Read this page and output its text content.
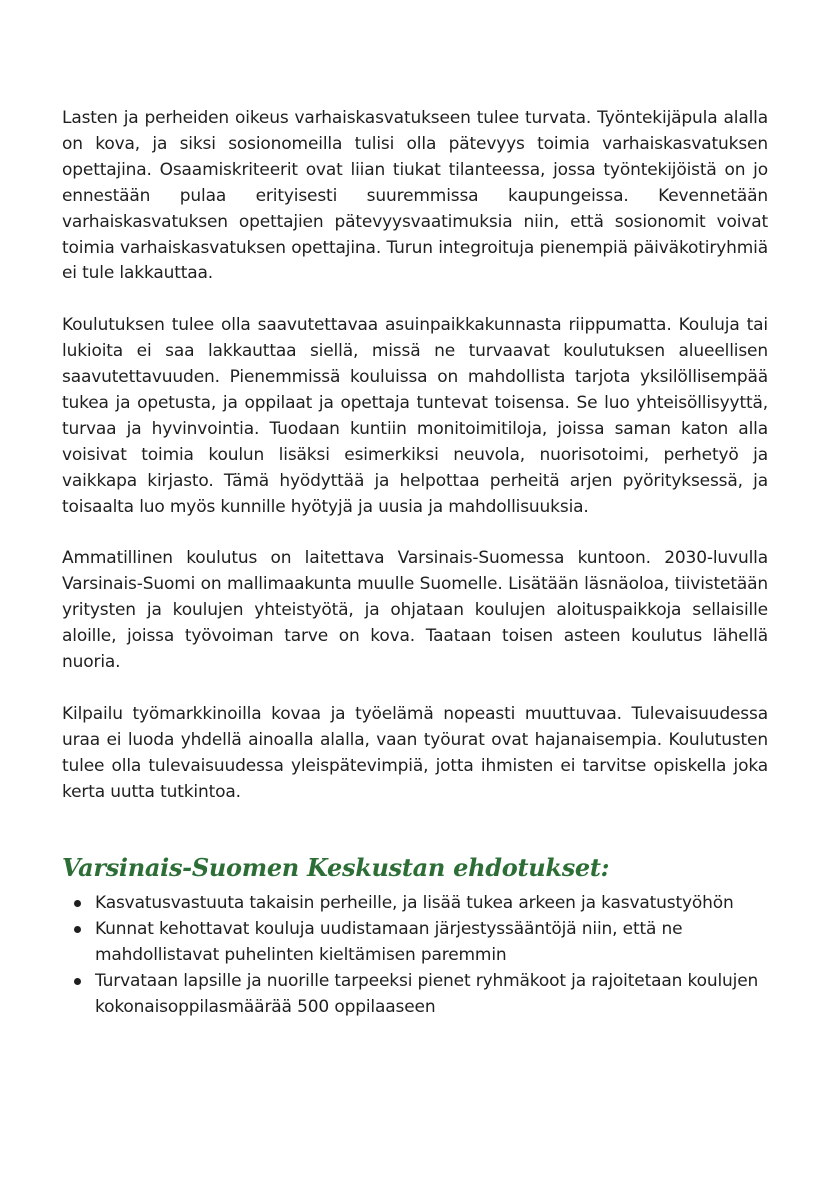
Lasten ja perheiden oikeus varhaiskasvatukseen tulee turvata. Työntekijäpula alalla on kova, ja siksi sosionomeilla tulisi olla pätevyys toimia varhaiskasvatuksen opettajina. Osaamiskriteerit ovat liian tiukat tilanteessa, jossa työntekijöistä on jo ennestään pulaa erityisesti suuremmissa kaupungeissa. Kevennetään varhaiskasvatuksen opettajien pätevyysvaatimuksia niin, että sosionomit voivat toimia varhaiskasvatuksen opettajina. Turun integroituja pienempiä päiväkotiryhmiä ei tule lakkauttaa.

Koulutuksen tulee olla saavutettavaa asuinpaikkakunnasta riippumatta. Kouluja tai lukioita ei saa lakkauttaa siellä, missä ne turvaavat koulutuksen alueellisen saavutettavuuden. Pienemmissä kouluissa on mahdollista tarjota yksilöllisempää tukea ja opetusta, ja oppilaat ja opettaja tuntevat toisensa. Se luo yhteisöllisyyttä, turvaa ja hyvinvointia. Tuodaan kuntiin monitoimitiloja, joissa saman katon alla voisivat toimia koulun lisäksi esimerkiksi neuvola, nuorisotoimi, perhetyö ja vaikkapa kirjasto. Tämä hyödyttää ja helpottaa perheitä arjen pyörityksessä, ja toisaalta luo myös kunnille hyötyjä ja uusia ja mahdollisuuksia.

Ammatillinen koulutus on laitettava Varsinais-Suomessa kuntoon. 2030-luvulla Varsinais-Suomi on mallimaakunta muulle Suomelle. Lisätään läsnäoloa, tiivistetään yritysten ja koulujen yhteistyötä, ja ohjataan koulujen aloituspaikkoja sellaisille aloille, joissa työvoiman tarve on kova. Taataan toisen asteen koulutus lähellä nuoria.

Kilpailu työmarkkinoilla kovaa ja työelämä nopeasti muuttuvaa. Tulevaisuudessa uraa ei luoda yhdellä ainoalla alalla, vaan työurat ovat hajanaisempia. Koulutusten tulee olla tulevaisuudessa yleispätevimpiä, jotta ihmisten ei tarvitse opiskella joka kerta uutta tutkintoa.

Varsinais-Suomen Keskustan ehdotukset:
Kasvatusvastuuta takaisin perheille, ja lisää tukea arkeen ja kasvatustyöhön
Kunnat kehottavat kouluja uudistamaan järjestyssääntöjä niin, että ne mahdollistavat puhelinten kieltämisen paremmin
Turvataan lapsille ja nuorille tarpeeksi pienet ryhmäkoot ja rajoitetaan koulujen kokonaisoppilasmäärää 500 oppilaaseen
